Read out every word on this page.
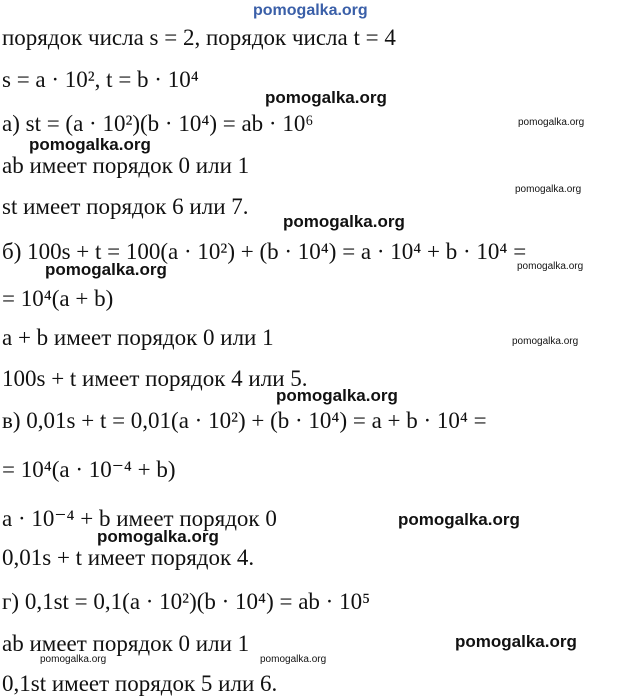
pomogalka.org
pomogalka.org
pomogalka.org
pomogalka.org
pomogalka.org
pomogalka.org
pomogalka.org	pomogalka.org
pomogalka.org
pomogalka.org
pomogalka.org
pomogalka.org
pomogalka.org
pomogalka.org	pomogalka.org
порядок числа s = 2, порядок числа t = 4
s = a · 10², t = b · 10⁴
а) st = (a · 10²)(b · 10⁴) = ab · 10⁶
ab имеет порядок 0 или 1
st имеет порядок 6 или 7.
б) 100s + t = 100(a · 10²) + (b · 10⁴) = a · 10⁴ + b · 10⁴ =
= 10⁴(a + b)
a + b имеет порядок 0 или 1
100s + t имеет порядок 4 или 5.
в) 0,01s + t = 0,01(a · 10²) + (b · 10⁴) = a + b · 10⁴ =
= 10⁴(a · 10⁻⁴ + b)
a · 10⁻⁴ + b имеет порядок 0
0,01s + t имеет порядок 4.
г) 0,1st = 0,1(a · 10²)(b · 10⁴) = ab · 10⁵
ab имеет порядок 0 или 1
0,1st имеет порядок 5 или 6.
